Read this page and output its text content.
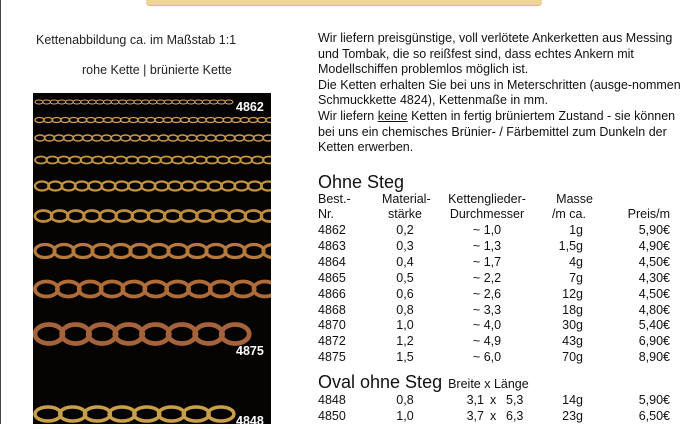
Kettenabbildung ca. im Maßstab 1:1
rohe Kette | brünierte Kette
4862
4875
4848

Wir liefern preisgünstige, voll verlötete Ankerketten aus Messing und Tombak, die so reißfest sind, dass echtes Ankern mit Modellschiffen problemlos möglich ist.

Die Ketten erhalten Sie bei uns in Meterschritten (ausge-nommen Schmuckkette 4824), Kettenmaße in mm.

Wir liefern keine Ketten in fertig brüniertem Zustand - sie können bei uns ein chemisches Brünier- / Färbemittel zum Dunkeln der Ketten erwerben.

Ohne Steg
Best.-	Material-	Kettenglieder-	Masse
Nr.	stärke	Durchmesser	/m ca.	Preis/m
4862	0,2	~ 1,0	1g	5,90€
4863	0,3	~ 1,3	1,5g	4,90€
4864	0,4	~ 1,7	4g	4,50€
4865	0,5	~ 2,2	7g	4,30€
4866	0,6	~ 2,6	12g	4,50€
4868	0,8	~ 3,3	18g	4,80€
4870	1,0	~ 4,0	30g	5,40€
4872	1,2	~ 4,9	43g	6,90€
4875	1,5	~ 6,0	70g	8,90€
Oval ohne Steg Breite x Länge
4848	0,8	3,1 x 5,3	14g	5,90€
4850	1,0	3,7 x 6,3	23g	6,50€
